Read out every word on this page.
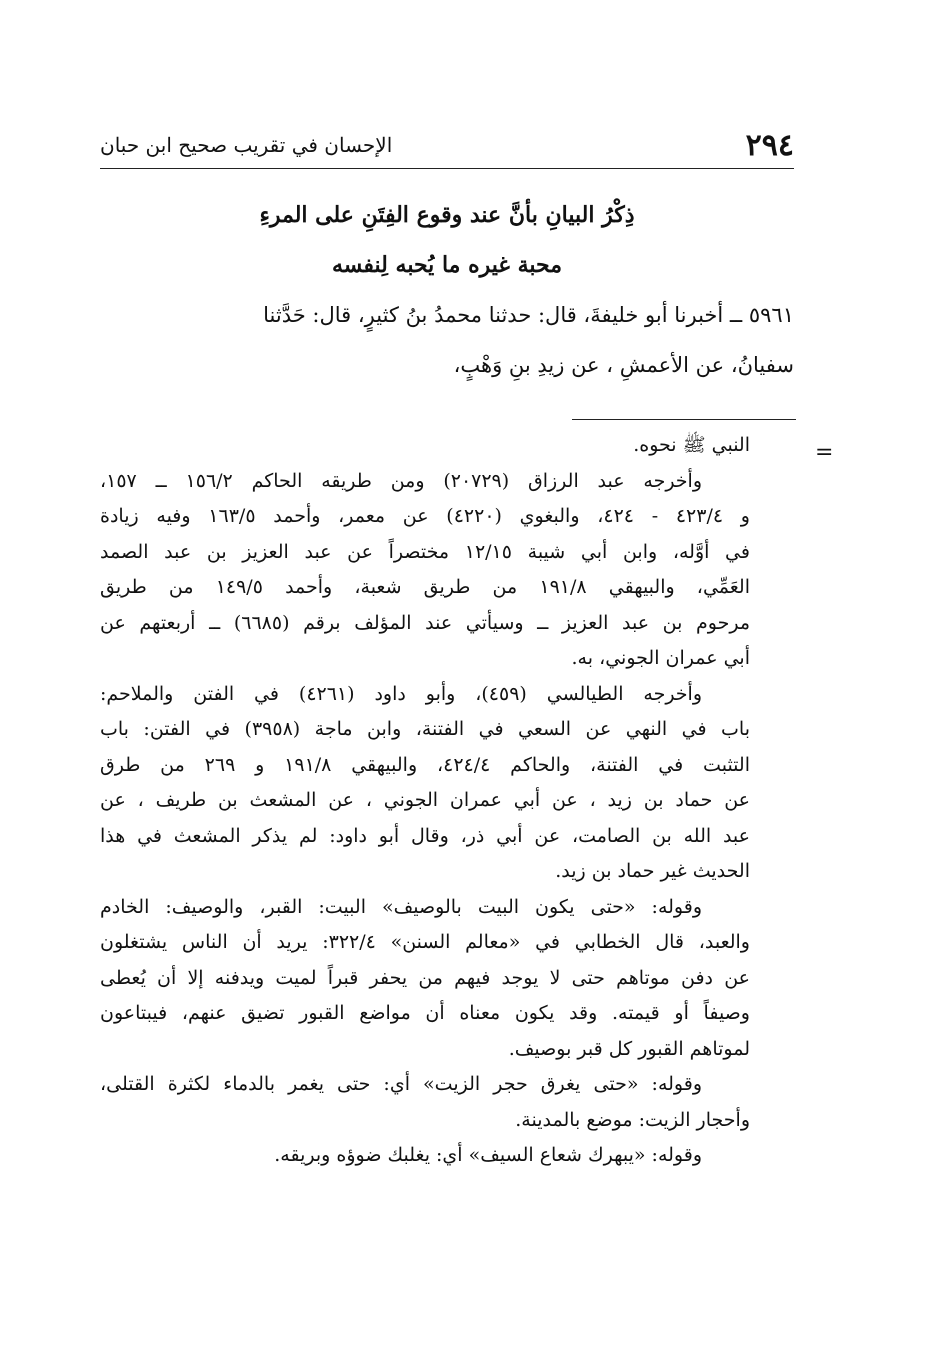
٢٩٤
الإحسان في تقريب صحيح ابن حبان
ذِكْرُ البيانِ بأنَّ عند وقوع الفِتَنِ على المرءِ
محبة غيره ما يُحبه لِنفسه
٥٩٦١ ــ أخبرنا أبو خليفةَ، قال: حدثنا محمدُ بنُ كثيرٍ، قال: حَدَّثنا
سفيانُ، عن الأعمشِ ، عن زيدِ بنِ وَهْبٍ،
=
النبي ﷺ نحوه.
وأخرجه عبد الرزاق (٢٠٧٢٩) ومن طريقه الحاكم ١٥٦/٢ ــ ١٥٧،
و ٤٢٣/٤ - ٤٢٤، والبغوي (٤٢٢٠) عن معمر، وأحمد ١٦٣/٥ وفيه زيادة
في أوَّله، وابن أبي شيبة ١٢/١٥ مختصراً عن عبد العزيز بن عبد الصمد
العَمِّي، والبيهقي ١٩١/٨ من طريق شعبة، وأحمد ١٤٩/٥ من طريق
مرحوم بن عبد العزيز ــ وسيأتي عند المؤلف برقم (٦٦٨٥) ــ أربعتهم عن
أبي عمران الجوني، به.
وأخرجه الطيالسي (٤٥٩)، وأبو داود (٤٢٦١) في الفتن والملاحم:
باب في النهي عن السعي في الفتنة، وابن ماجة (٣٩٥٨) في الفتن: باب
التثبت في الفتنة، والحاكم ٤٢٤/٤، والبيهقي ١٩١/٨ و ٢٦٩ من طرق
عن حماد بن زيد ، عن أبي عمران الجوني ، عن المشعث بن طريف ، عن
عبد الله بن الصامت، عن أبي ذر، وقال أبو داود: لم يذكر المشعث في هذا
الحديث غير حماد بن زيد.
وقوله: «حتى يكون البيت بالوصيف» البيت: القبر، والوصيف: الخادم
والعبد، قال الخطابي في «معالم السنن» ٣٢٢/٤: يريد أن الناس يشتغلون
عن دفن موتاهم حتى لا يوجد فيهم من يحفر قبراً لميت ويدفنه إلا أن يُعطى
وصيفاً أو قيمته. وقد يكون معناه أن مواضع القبور تضيق عنهم، فيبتاعون
لموتاهم القبور كل قبر بوصيف.
وقوله: «حتى يغرق حجر الزيت» أي: حتى يغمر بالدماء لكثرة القتلى،
وأحجار الزيت: موضع بالمدينة.
وقوله: «يبهرك شعاع السيف» أي: يغلبك ضوؤه وبريقه.
